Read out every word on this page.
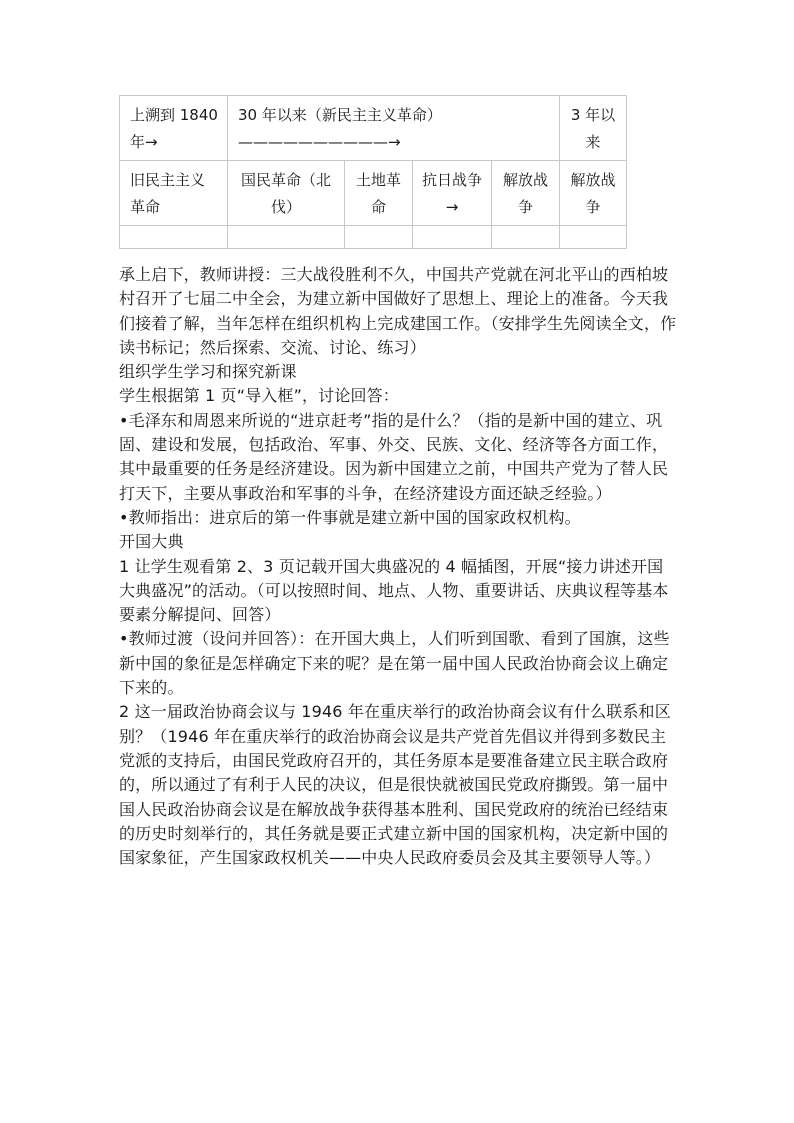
上溯到 1840 年→	30 年以来（新民主主义革命）——————————→				3 年以来
旧民主主义革命	国民革命（北伐）	土地革命	抗日战争→	解放战争	解放战争

承上启下，教师讲授：三大战役胜利不久，中国共产党就在河北平山的西柏坡村召开了七届二中全会，为建立新中国做好了思想上、理论上的准备。今天我们接着了解，当年怎样在组织机构上完成建国工作。（安排学生先阅读全文，作读书标记；然后探索、交流、讨论、练习）

组织学生学习和探究新课

学生根据第 1 页“导入框”，讨论回答：

•毛泽东和周恩来所说的“进京赶考”指的是什么？（指的是新中国的建立、巩固、建设和发展，包括政治、军事、外交、民族、文化、经济等各方面工作，其中最重要的任务是经济建设。因为新中国建立之前，中国共产党为了替人民打天下，主要从事政治和军事的斗争，在经济建设方面还缺乏经验。）

•教师指出：进京后的第一件事就是建立新中国的国家政权机构。

开国大典

1 让学生观看第 2、3 页记载开国大典盛况的 4 幅插图，开展“接力讲述开国大典盛况”的活动。（可以按照时间、地点、人物、重要讲话、庆典议程等基本要素分解提问、回答）

•教师过渡（设问并回答）：在开国大典上，人们听到国歌、看到了国旗，这些新中国的象征是怎样确定下来的呢？是在第一届中国人民政治协商会议上确定下来的。

2 这一届政治协商会议与 1946 年在重庆举行的政治协商会议有什么联系和区别？（1946 年在重庆举行的政治协商会议是共产党首先倡议并得到多数民主党派的支持后，由国民党政府召开的，其任务原本是要准备建立民主联合政府的，所以通过了有利于人民的决议，但是很快就被国民党政府撕毁。第一届中国人民政治协商会议是在解放战争获得基本胜利、国民党政府的统治已经结束的历史时刻举行的，其任务就是要正式建立新中国的国家机构，决定新中国的国家象征，产生国家政权机关——中央人民政府委员会及其主要领导人等。）
